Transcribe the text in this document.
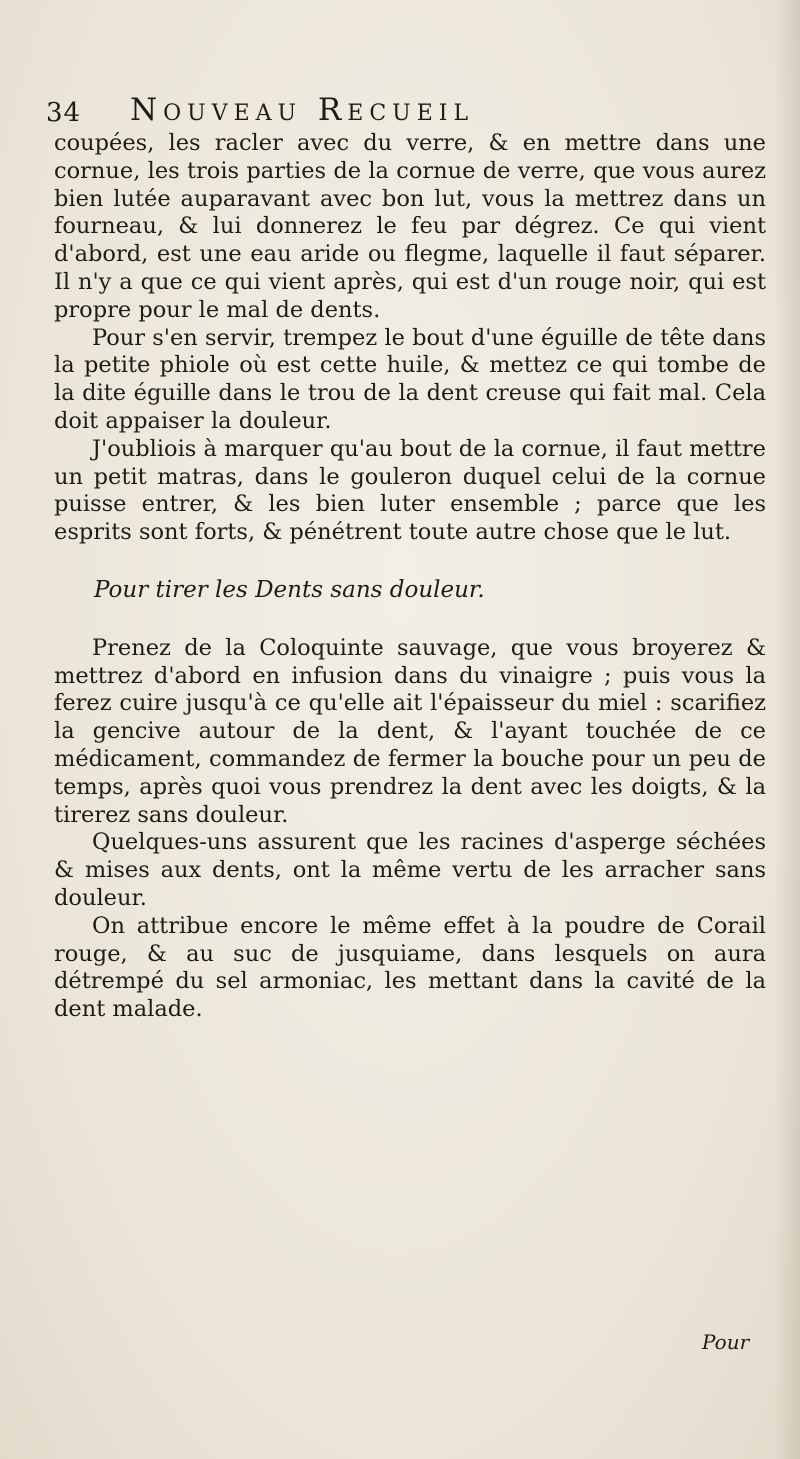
34 Nouveau Recueil

coupées, les racler avec du verre, & en mettre dans une cornue, les trois parties de la cornue de verre, que vous aurez bien lutée auparavant avec bon lut, vous la mettrez dans un fourneau, & lui donnerez le feu par dégrez. Ce qui vient d'abord, est une eau aride ou flegme, laquelle il faut séparer. Il n'y a que ce qui vient après, qui est d'un rouge noir, qui est propre pour le mal de dents.

Pour s'en servir, trempez le bout d'une éguille de tête dans la petite phiole où est cette huile, & mettez ce qui tombe de la dite éguille dans le trou de la dent creuse qui fait mal. Cela doit appaiser la douleur.

J'oubliois à marquer qu'au bout de la cornue, il faut mettre un petit matras, dans le gouleron duquel celui de la cornue puisse entrer, & les bien luter ensemble ; parce que les esprits sont forts, & pénétrent toute autre chose que le lut.

Pour tirer les Dents sans douleur.

Prenez de la Coloquinte sauvage, que vous broyerez & mettrez d'abord en infusion dans du vinaigre ; puis vous la ferez cuire jusqu'à ce qu'elle ait l'épaisseur du miel : scarifiez la gencive autour de la dent, & l'ayant touchée de ce médicament, commandez de fermer la bouche pour un peu de temps, après quoi vous prendrez la dent avec les doigts, & la tirerez sans douleur.

Quelques-uns assurent que les racines d'asperge séchées & mises aux dents, ont la même vertu de les arracher sans douleur.

On attribue encore le même effet à la poudre de Corail rouge, & au suc de jusquiame, dans lesquels on aura détrempé du sel armoniac, les mettant dans la cavité de la dent malade.

Pour
